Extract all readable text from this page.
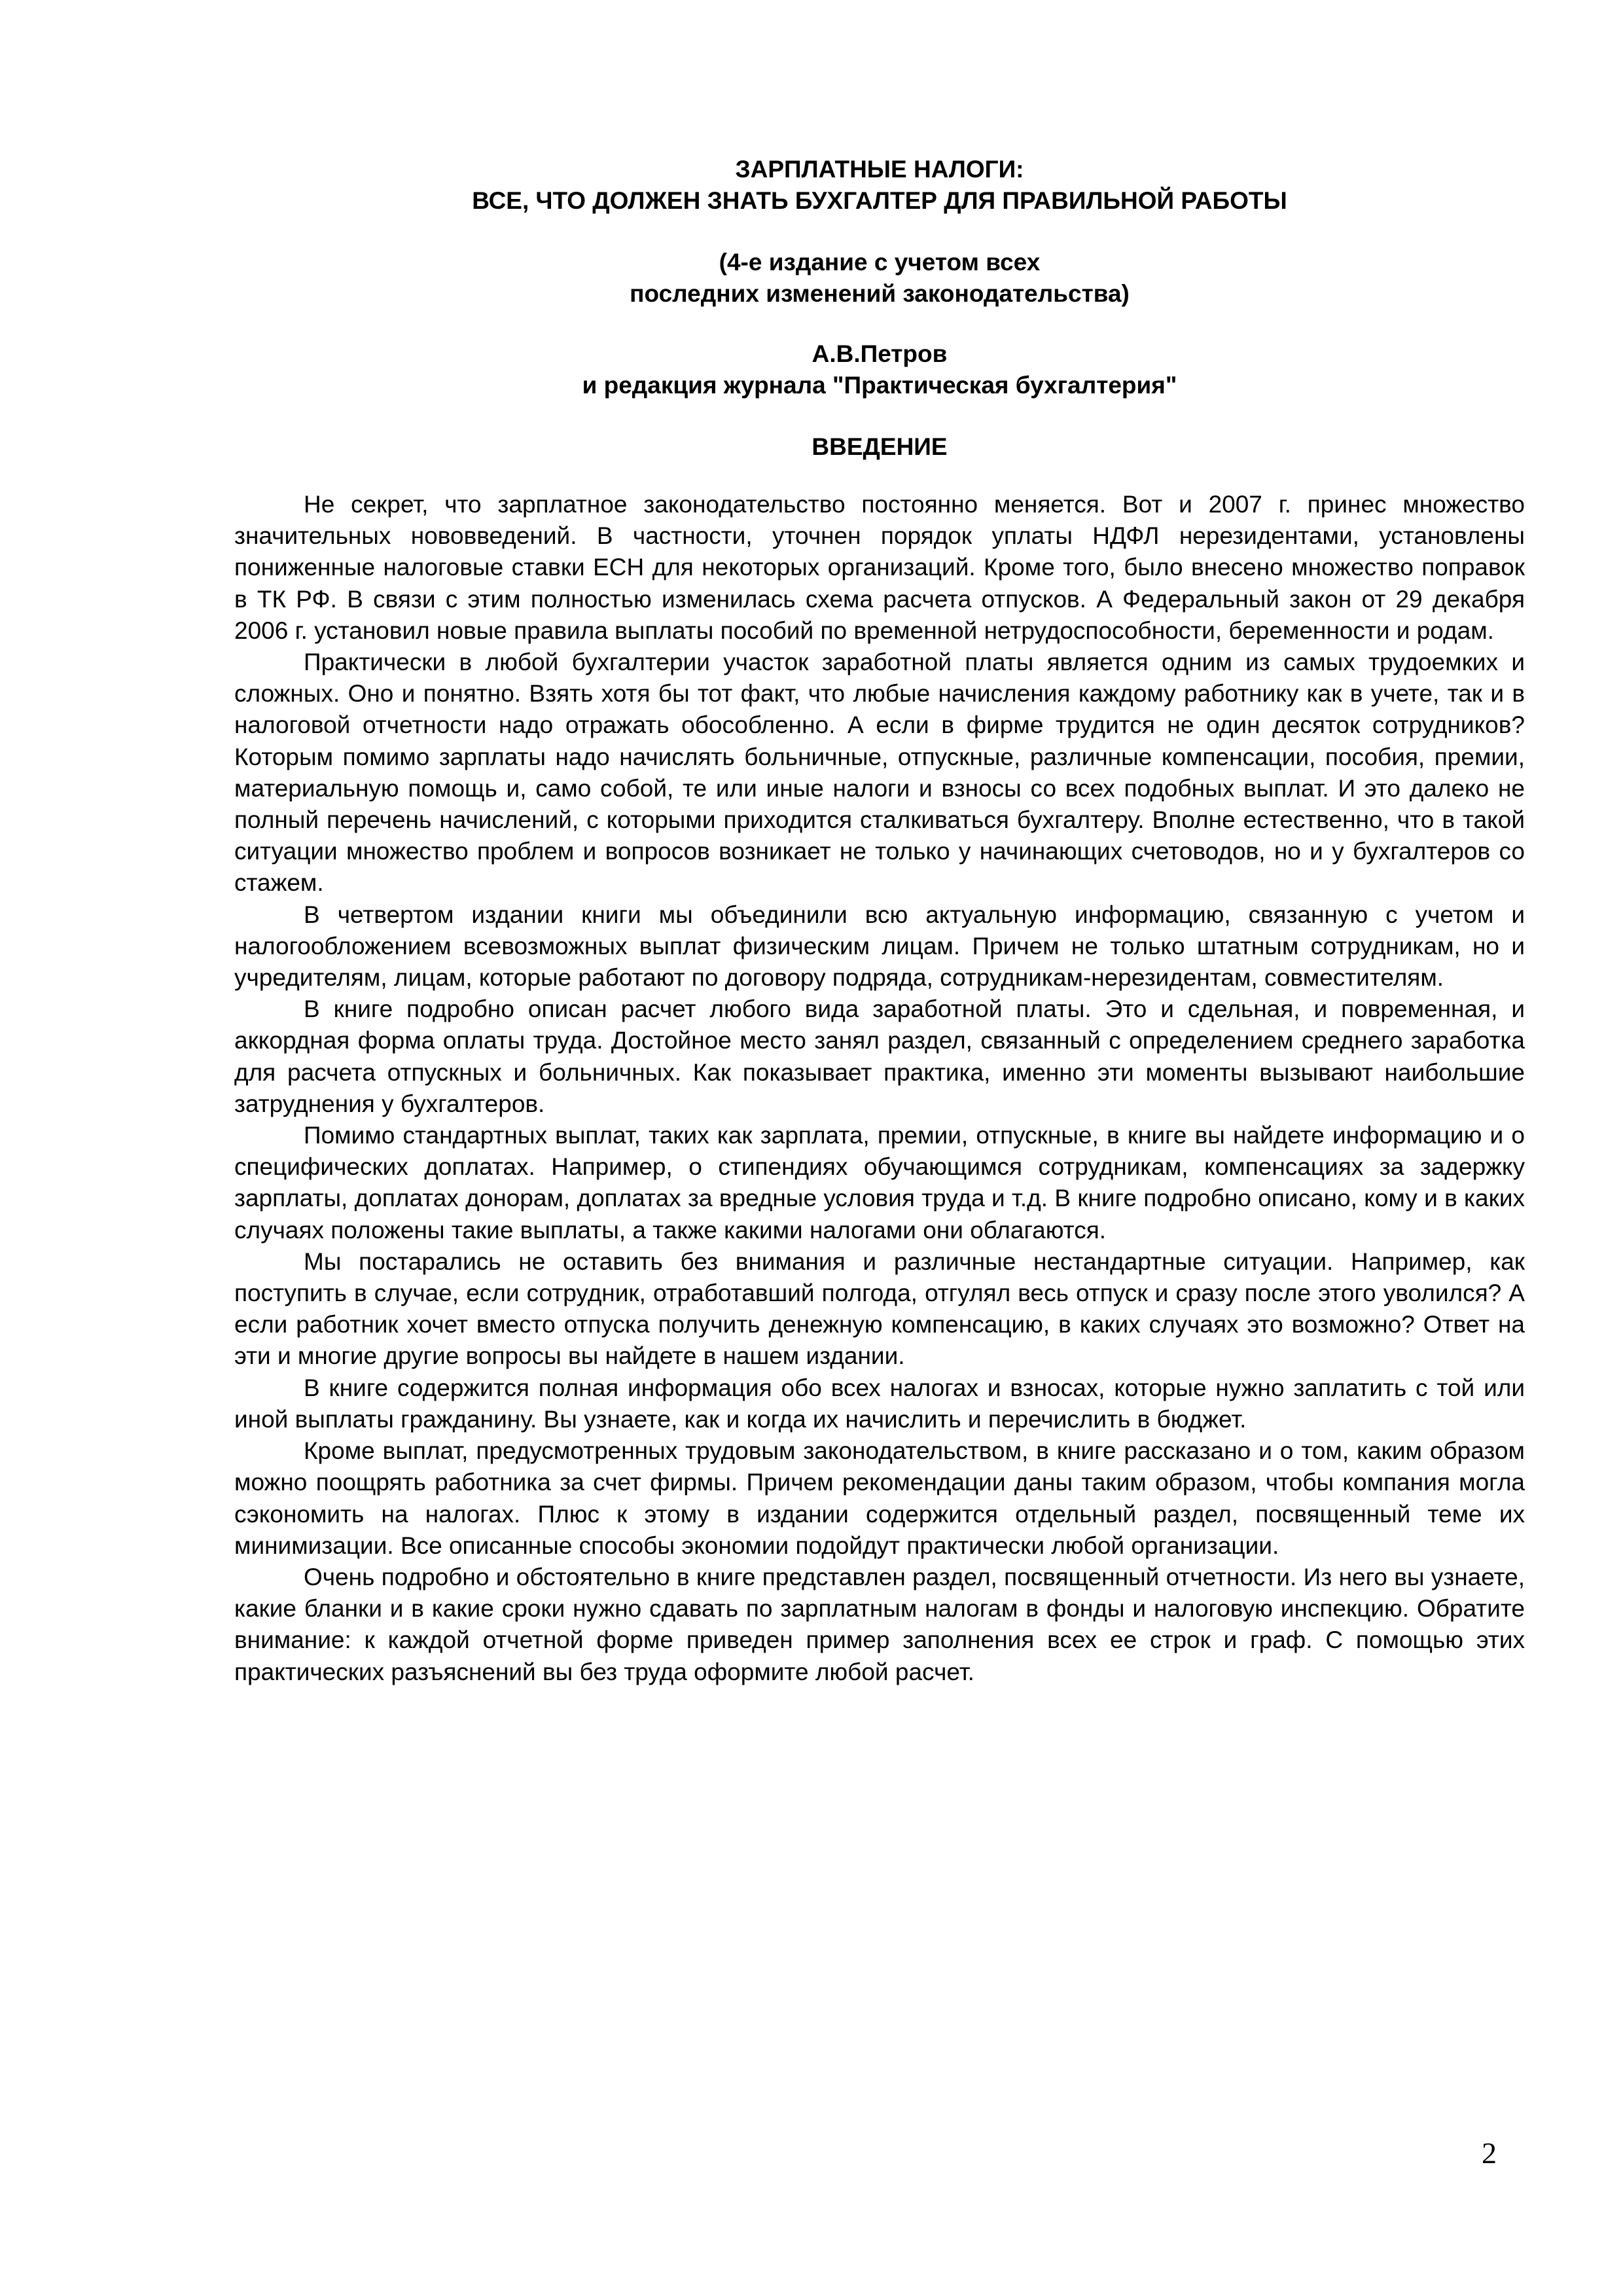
ЗАРПЛАТНЫЕ НАЛОГИ:
ВСЕ, ЧТО ДОЛЖЕН ЗНАТЬ БУХГАЛТЕР ДЛЯ ПРАВИЛЬНОЙ РАБОТЫ
(4-е издание с учетом всех
последних изменений законодательства)
А.В.Петров
и редакция журнала "Практическая бухгалтерия"
ВВЕДЕНИЕ

Не секрет, что зарплатное законодательство постоянно меняется. Вот и 2007 г. принес множество значительных нововведений. В частности, уточнен порядок уплаты НДФЛ нерезидентами, установлены пониженные налоговые ставки ЕСН для некоторых организаций. Кроме того, было внесено множество поправок в ТК РФ. В связи с этим полностью изменилась схема расчета отпусков. А Федеральный закон от 29 декабря 2006 г. установил новые правила выплаты пособий по временной нетрудоспособности, беременности и родам.

Практически в любой бухгалтерии участок заработной платы является одним из самых трудоемких и сложных. Оно и понятно. Взять хотя бы тот факт, что любые начисления каждому работнику как в учете, так и в налоговой отчетности надо отражать обособленно. А если в фирме трудится не один десяток сотрудников? Которым помимо зарплаты надо начислять больничные, отпускные, различные компенсации, пособия, премии, материальную помощь и, само собой, те или иные налоги и взносы со всех подобных выплат. И это далеко не полный перечень начислений, с которыми приходится сталкиваться бухгалтеру. Вполне естественно, что в такой ситуации множество проблем и вопросов возникает не только у начинающих счетоводов, но и у бухгалтеров со стажем.

В четвертом издании книги мы объединили всю актуальную информацию, связанную с учетом и налогообложением всевозможных выплат физическим лицам. Причем не только штатным сотрудникам, но и учредителям, лицам, которые работают по договору подряда, сотрудникам-нерезидентам, совместителям.

В книге подробно описан расчет любого вида заработной платы. Это и сдельная, и повременная, и аккордная форма оплаты труда. Достойное место занял раздел, связанный с определением среднего заработка для расчета отпускных и больничных. Как показывает практика, именно эти моменты вызывают наибольшие затруднения у бухгалтеров.

Помимо стандартных выплат, таких как зарплата, премии, отпускные, в книге вы найдете информацию и о специфических доплатах. Например, о стипендиях обучающимся сотрудникам, компенсациях за задержку зарплаты, доплатах донорам, доплатах за вредные условия труда и т.д. В книге подробно описано, кому и в каких случаях положены такие выплаты, а также какими налогами они облагаются.

Мы постарались не оставить без внимания и различные нестандартные ситуации. Например, как поступить в случае, если сотрудник, отработавший полгода, отгулял весь отпуск и сразу после этого уволился? А если работник хочет вместо отпуска получить денежную компенсацию, в каких случаях это возможно? Ответ на эти и многие другие вопросы вы найдете в нашем издании.

В книге содержится полная информация обо всех налогах и взносах, которые нужно заплатить с той или иной выплаты гражданину. Вы узнаете, как и когда их начислить и перечислить в бюджет.

Кроме выплат, предусмотренных трудовым законодательством, в книге рассказано и о том, каким образом можно поощрять работника за счет фирмы. Причем рекомендации даны таким образом, чтобы компания могла сэкономить на налогах. Плюс к этому в издании содержится отдельный раздел, посвященный теме их минимизации. Все описанные способы экономии подойдут практически любой организации.

Очень подробно и обстоятельно в книге представлен раздел, посвященный отчетности. Из него вы узнаете, какие бланки и в какие сроки нужно сдавать по зарплатным налогам в фонды и налоговую инспекцию. Обратите внимание: к каждой отчетной форме приведен пример заполнения всех ее строк и граф. С помощью этих практических разъяснений вы без труда оформите любой расчет.

2
